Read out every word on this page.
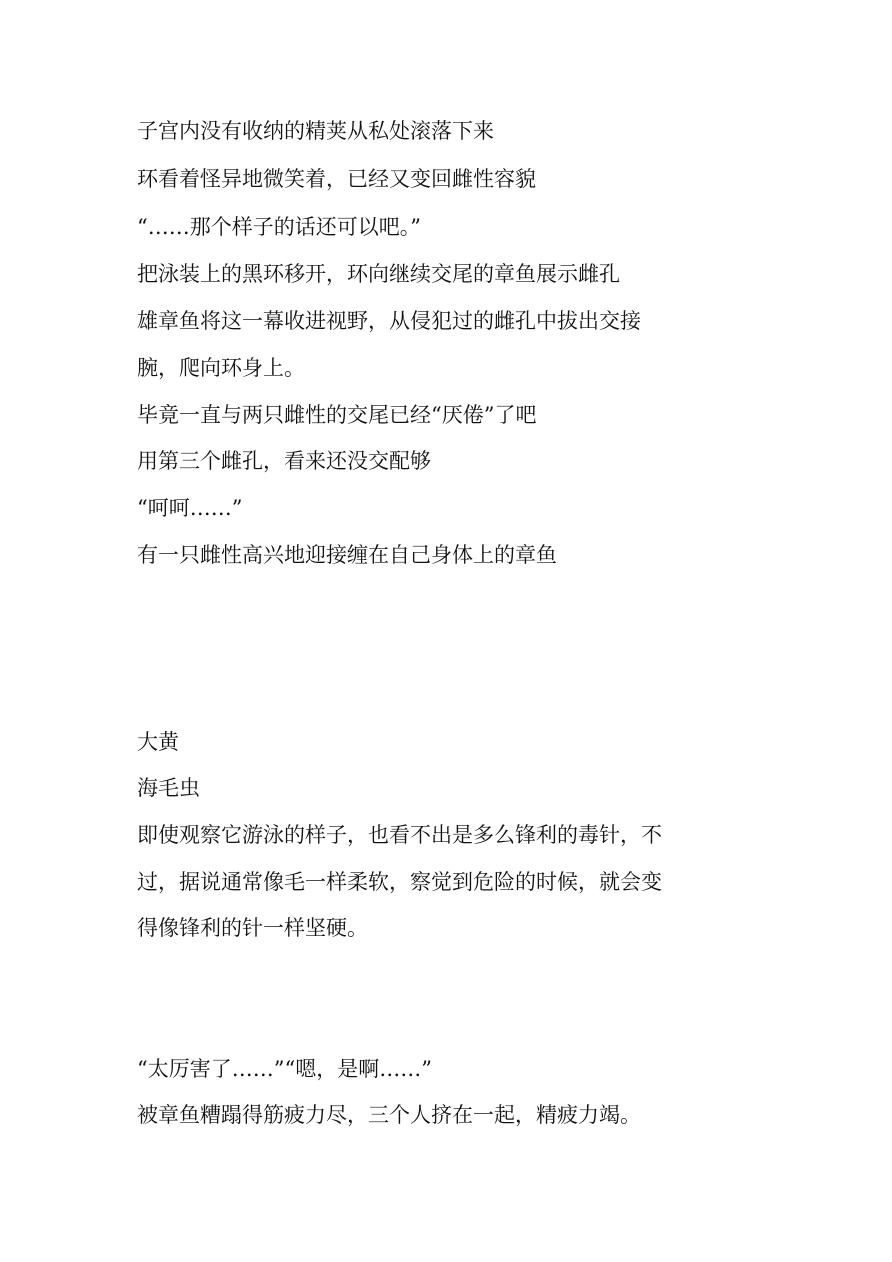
子宫内没有收纳的精荚从私处滚落下来

环看着怪异地微笑着，已经又变回雌性容貌

“……那个样子的话还可以吧。”

把泳装上的黑环移开，环向继续交尾的章鱼展示雌孔

雄章鱼将这一幕收进视野，从侵犯过的雌孔中拔出交接

腕，爬向环身上。

毕竟一直与两只雌性的交尾已经“厌倦”了吧

用第三个雌孔，看来还没交配够

“呵呵……”

有一只雌性高兴地迎接缠在自己身体上的章鱼

大黄

海毛虫

即使观察它游泳的样子，也看不出是多么锋利的毒针，不

过，据说通常像毛一样柔软，察觉到危险的时候，就会变

得像锋利的针一样坚硬。

“太厉害了……”“嗯，是啊……”

被章鱼糟蹋得筋疲力尽，三个人挤在一起，精疲力竭。
